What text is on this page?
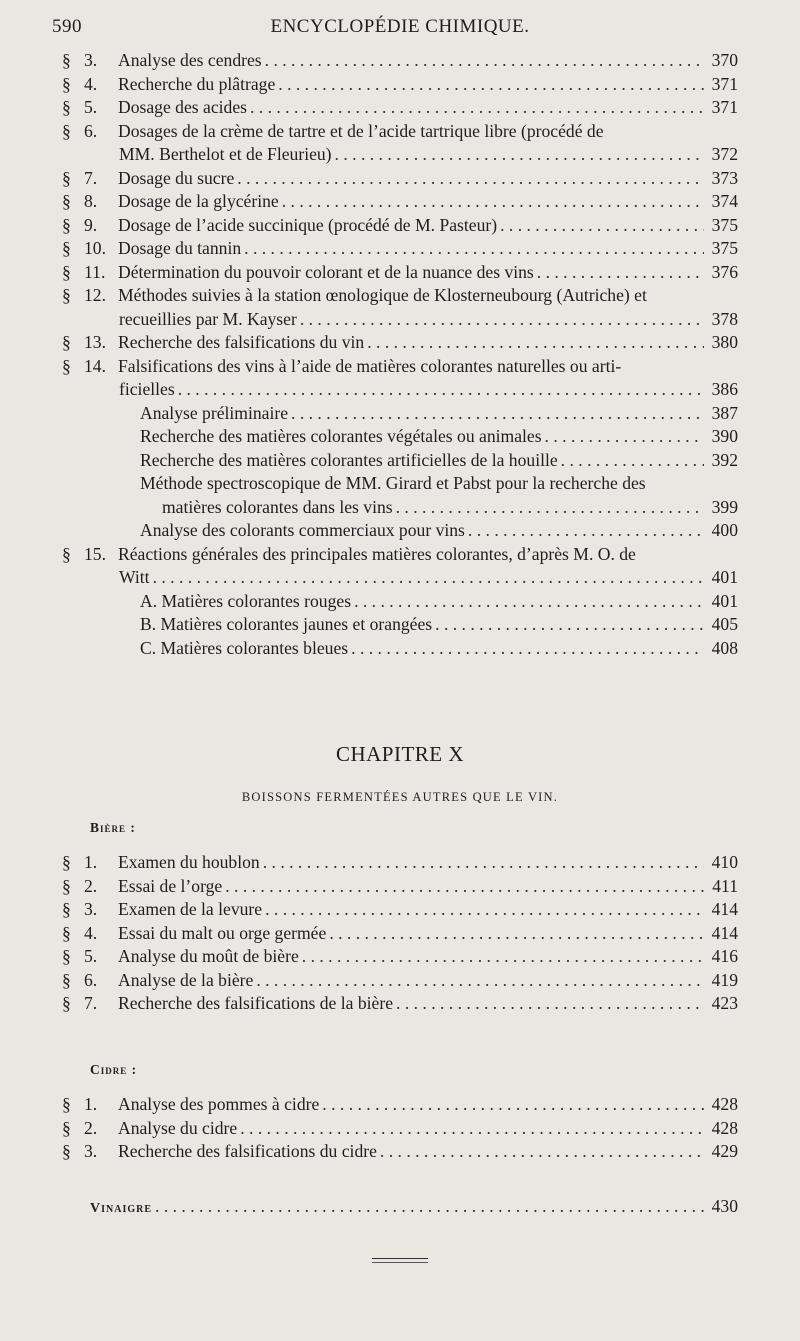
590	ENCYCLOPÉDIE CHIMIQUE.
§ 3. Analyse des cendres . . .	370
§ 4. Recherche du plâtrage . . .	371
§ 5. Dosage des acides . . .	371
§ 6. Dosages de la crème de tartre et de l’acide tartrique libre (procédé de
MM. Berthelot et de Fleurieu) . . .	372
§ 7. Dosage du sucre . . .	373
§ 8. Dosage de la glycérine . . .	374
§ 9. Dosage de l’acide succinique (procédé de M. Pasteur) . . .	375
§ 10. Dosage du tannin . . .	375
§ 11. Détermination du pouvoir colorant et de la nuance des vins . . .	376
§ 12. Méthodes suivies à la station œnologique de Klosterneubourg (Autriche) et
recueillies par M. Kayser . . .	378
§ 13. Recherche des falsifications du vin . . .	380
§ 14. Falsifications des vins à l’aide de matières colorantes naturelles ou arti-
ficielles . . .	386
Analyse préliminaire . . .	387
Recherche des matières colorantes végétales ou animales . . .	390
Recherche des matières colorantes artificielles de la houille . . .	392
Méthode spectroscopique de MM. Girard et Pabst pour la recherche des
matières colorantes dans les vins . . .	399
Analyse des colorants commerciaux pour vins . . .	400
§ 15. Réactions générales des principales matières colorantes, d’après M. O. de
Witt . . .	401
A. Matières colorantes rouges . . .	401
B. Matières colorantes jaunes et orangées . . .	405
C. Matières colorantes bleues . . .	408
CHAPITRE X
BOISSONS FERMENTÉES AUTRES QUE LE VIN.
Bière :
§ 1. Examen du houblon . . .	410
§ 2. Essai de l’orge . . .	411
§ 3. Examen de la levure . . .	414
§ 4. Essai du malt ou orge germée . . .	414
§ 5. Analyse du moût de bière . . .	416
§ 6. Analyse de la bière . . .	419
§ 7. Recherche des falsifications de la bière . . .	423
Cidre :
§ 1. Analyse des pommes à cidre . . .	428
§ 2. Analyse du cidre . . .	428
§ 3. Recherche des falsifications du cidre . . .	429
Vinaigre . . .	430
